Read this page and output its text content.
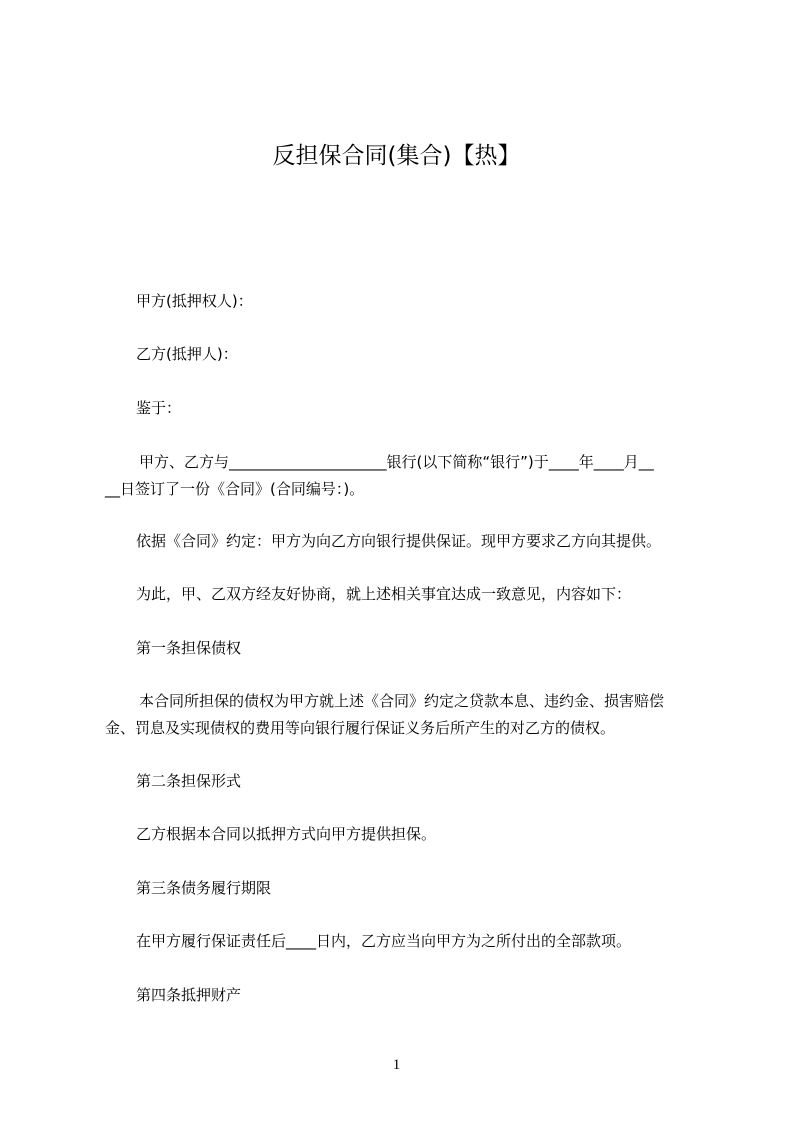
反担保合同(集合)【热】
甲方(抵押权人)：
乙方(抵押人)：
鉴于：
甲方、乙方与_____________________银行(以下简称“银行”)于____年____月__
__日签订了一份《合同》(合同编号：)。
依据《合同》约定：甲方为向乙方向银行提供保证。现甲方要求乙方向其提供。
为此，甲、乙双方经友好协商，就上述相关事宜达成一致意见，内容如下：
第一条担保债权
本合同所担保的债权为甲方就上述《合同》约定之贷款本息、违约金、损害赔偿
金、罚息及实现债权的费用等向银行履行保证义务后所产生的对乙方的债权。
第二条担保形式
乙方根据本合同以抵押方式向甲方提供担保。
第三条债务履行期限
在甲方履行保证责任后____日内，乙方应当向甲方为之所付出的全部款项。
第四条抵押财产
1
